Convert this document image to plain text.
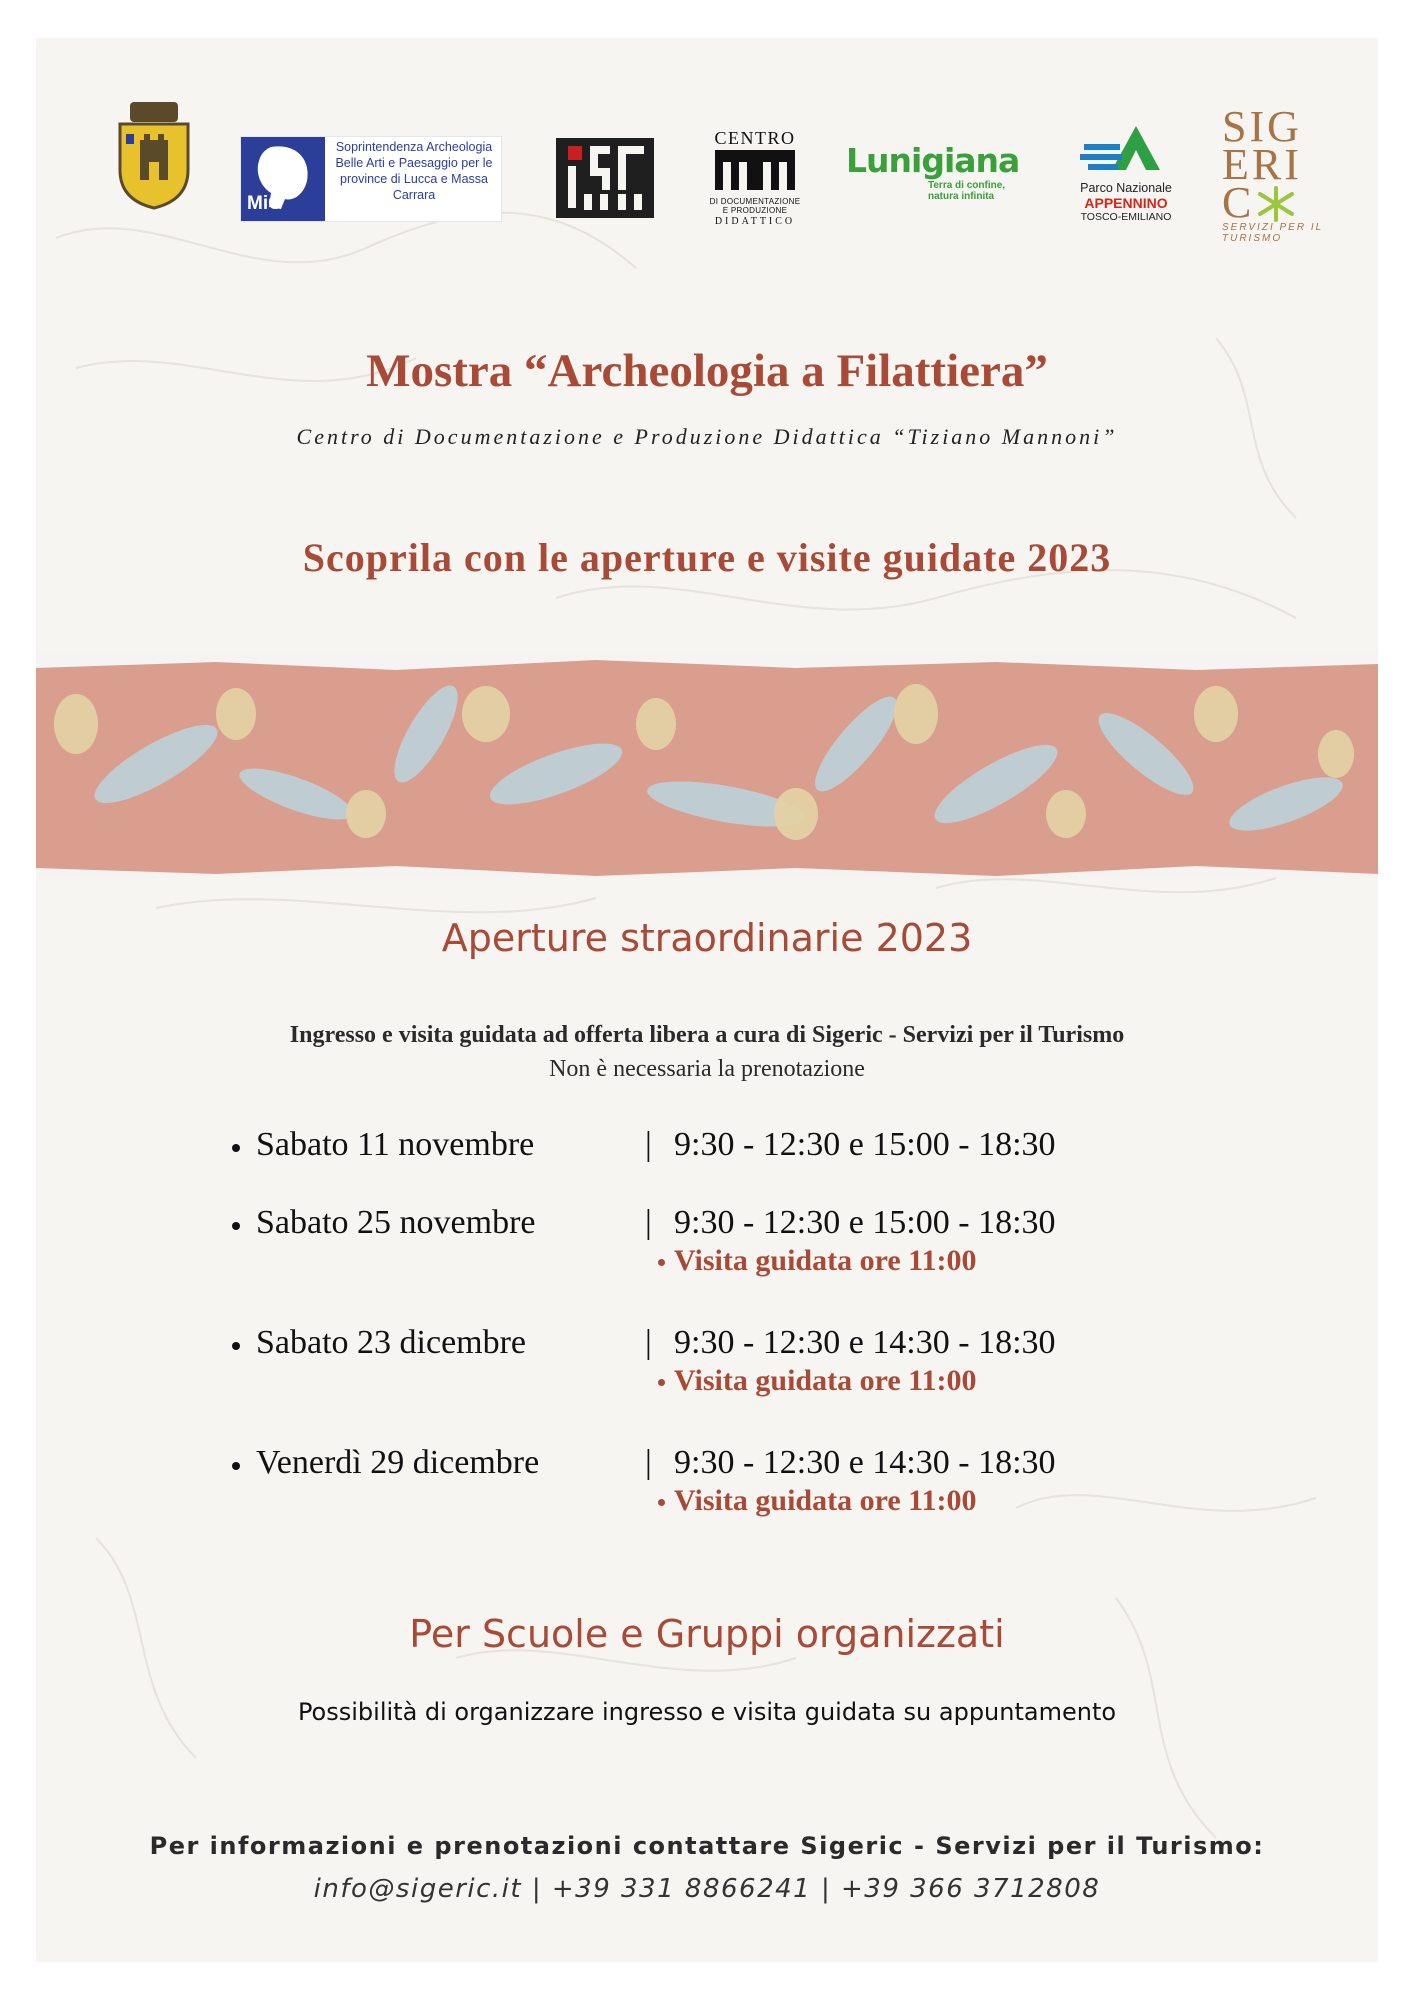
MiC
Soprintendenza Archeologia Belle Arti e Paesaggio per le province di Lucca e Massa Carrara
CENTRO
DI DOCUMENTAZIONE E PRODUZIONE
DIDATTICO
Lunigiana
Terra di confine, natura infinita
Parco Nazionale
APPENNINO
TOSCO-EMILIANO
SIG
ERI
C
SERVIZI PER IL TURISMO
Mostra “Archeologia a Filattiera”
Centro di Documentazione e Produzione Didattica “Tiziano Mannoni”
Scoprila con le aperture e visite guidate 2023
Aperture straordinarie 2023
Ingresso e visita guidata ad offerta libera a cura di Sigeric - Servizi per il Turismo
Non è necessaria la prenotazione
Sabato 11 novembre	| 9:30 - 12:30 e 15:00 - 18:30
Sabato 25 novembre	| 9:30 - 12:30 e 15:00 - 18:30
Visita guidata ore 11:00
Sabato 23 dicembre	| 9:30 - 12:30 e 14:30 - 18:30
Visita guidata ore 11:00
Venerdì 29 dicembre	| 9:30 - 12:30 e 14:30 - 18:30
Visita guidata ore 11:00
Per Scuole e Gruppi organizzati
Possibilità di organizzare ingresso e visita guidata su appuntamento
Per informazioni e prenotazioni contattare Sigeric - Servizi per il Turismo:
info@sigeric.it | +39 331 8866241 | +39 366 3712808
